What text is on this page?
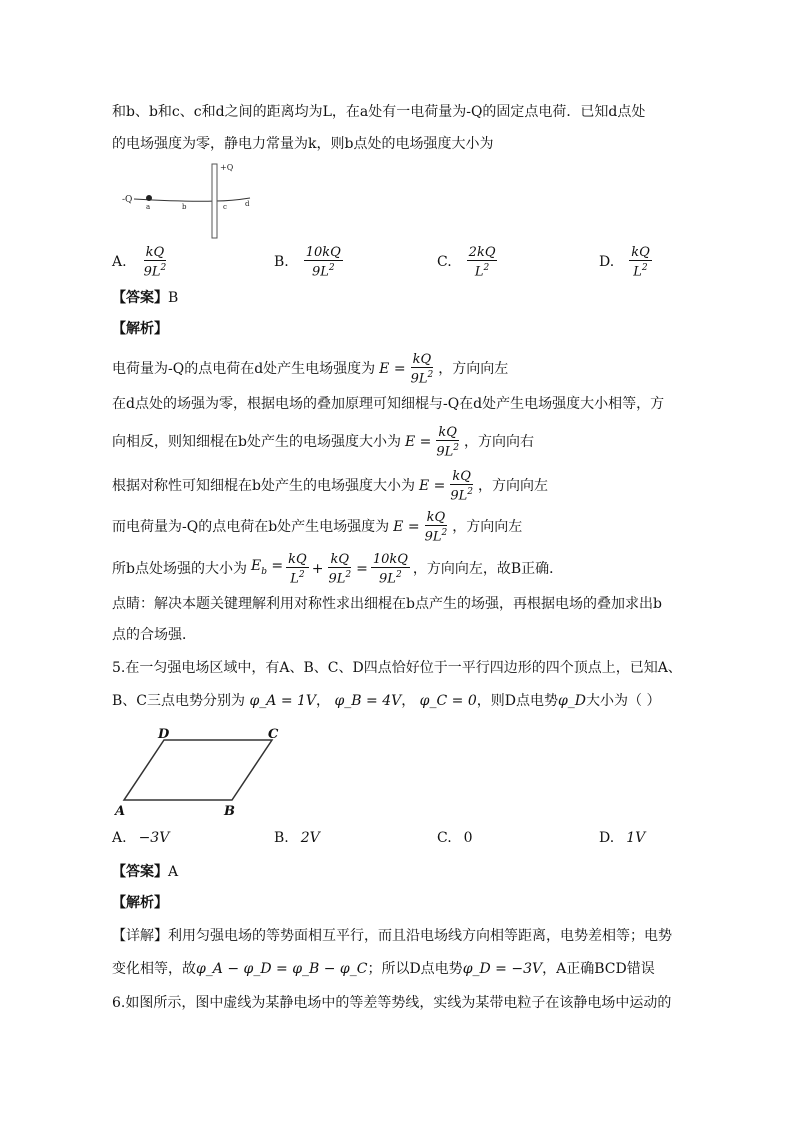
和b、b和c、c和d之间的距离均为L，在a处有一电荷量为-Q的固定点电荷．已知d点处
的电场强度为零，静电力常量为k，则b点处的电场强度大小为
-Q
+Q
a	b	c	d
A. $\frac{kQ}{9L^2}$	B. $\frac{10kQ}{9L^2}$	C. $\frac{2kQ}{L^2}$	D. $\frac{kQ}{L^2}$
【答案】B
【解析】
电荷量为-Q的点电荷在d处产生电场强度为 $E = \frac{kQ}{9L^2}$ ，方向向左
在d点处的场强为零，根据电场的叠加原理可知细棍与-Q在d处产生电场强度大小相等，方
向相反，则知细棍在b处产生的电场强度大小为 $E = \frac{kQ}{9L^2}$ ，方向向右
根据对称性可知细棍在b处产生的电场强度大小为 $E = \frac{kQ}{9L^2}$ ，方向向左
而电荷量为-Q的点电荷在b处产生电场强度为 $E = \frac{kQ}{9L^2}$ ，方向向左
所b点处场强的大小为 $E_b = \frac{kQ}{L^2} + \frac{kQ}{9L^2} = \frac{10kQ}{9L^2}$ ，方向向左，故B正确．
点睛：解决本题关键理解利用对称性求出细棍在b点产生的场强，再根据电场的叠加求出b
点的合场强．
5.在一匀强电场区域中，有A、B、C、D四点恰好位于一平行四边形的四个顶点上，已知A、
B、C三点电势分别为 φ_A = 1V， φ_B = 4V， φ_C = 0，则D点电势φ_D大小为（ ）
D	C
A	B
A. −3V	B. 2V	C. 0	D. 1V
【答案】A
【解析】
【详解】利用匀强电场的等势面相互平行，而且沿电场线方向相等距离，电势差相等；电势
变化相等，故φ_A − φ_D = φ_B − φ_C；所以D点电势φ_D = −3V，A正确BCD错误
6.如图所示，图中虚线为某静电场中的等差等势线，实线为某带电粒子在该静电场中运动的
